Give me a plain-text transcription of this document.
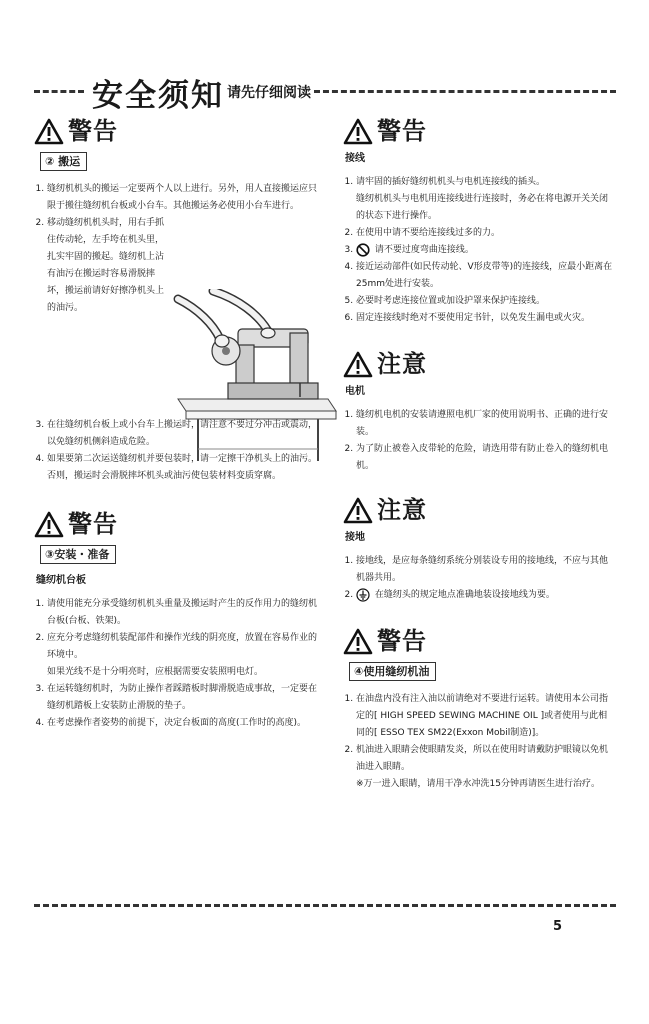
安全须知 请先仔细阅读
警告
② 搬运
1. 缝纫机机头的搬运一定要两个人以上进行。另外，用人直接搬运应只限于搬往缝纫机台板或小台车。其他搬运务必使用小台车进行。
2. 移动缝纫机机头时，用右手抓住传动轮，左手垮在机头里，扎实牢固的搬起。缝纫机上沾有油污在搬运时容易滑脱摔坏，搬运前请好好擦净机头上的油污。
3. 在往缝纫机台板上或小台车上搬运时，请注意不要过分冲击或震动，以免缝纫机侧斜造成危险。
4. 如果要第二次运送缝纫机并要包装时，请一定擦干净机头上的油污。否则，搬运时会滑脱摔坏机头或油污使包装材料变质穿腐。
警告
③安装・准备
缝纫机台板
1. 请使用能充分承受缝纫机机头重量及搬运时产生的反作用力的缝纫机台板(台板、铁架)。
2. 应充分考虑缝纫机装配部件和操作光线的阴亮度，放置在容易作业的环境中。

如果光线不是十分明亮时，应根据需要安装照明电灯。

3. 在运转缝纫机时，为防止操作者踩踏板时脚滑脱造成事故，一定要在缝纫机踏板上安装防止滑脱的垫子。
4. 在考虑操作者姿势的前提下，决定台板面的高度(工作时的高度)。
警告
接线
1. 请牢固的插好缝纫机机头与电机连接线的插头。

缝纫机机头与电机用连接线进行连接时，务必在将电源开关关闭的状态下进行操作。

2. 在使用中请不要给连接线过多的力。
3. 请不要过度弯曲连接线。
4. 接近运动部件(如民传动轮、V形皮带等)的连接线，应最小距离在25mm处进行安装。
5. 必要时考虑连接位置或加设护罩来保护连接线。
6. 固定连接线时绝对不要使用定书针，以免发生漏电或火灾。
注意
电机
1. 缝纫机电机的安装请遵照电机厂家的使用说明书、正确的进行安装。
2. 为了防止被卷入皮带轮的危险，请选用带有防止卷入的缝纫机电机。
注意
接地
1. 接地线，是应每条缝纫系统分别装设专用的接地线，不应与其他机器共用。
2. 在缝纫头的规定地点准确地装设接地线为要。
警告
④使用缝纫机油
1. 在油盘内没有注入油以前请绝对不要进行运转。请使用本公司指定的[ HIGH SPEED SEWING MACHINE OIL ]或者使用与此相同的[ ESSO TEX SM22(Exxon Mobil制造)]。
2. 机油进入眼睛会使眼睛发炎，所以在使用时请戴防护眼镜以免机油进入眼睛。

※万一进入眼睛，请用干净水冲洗15分钟再请医生进行治疗。

5
